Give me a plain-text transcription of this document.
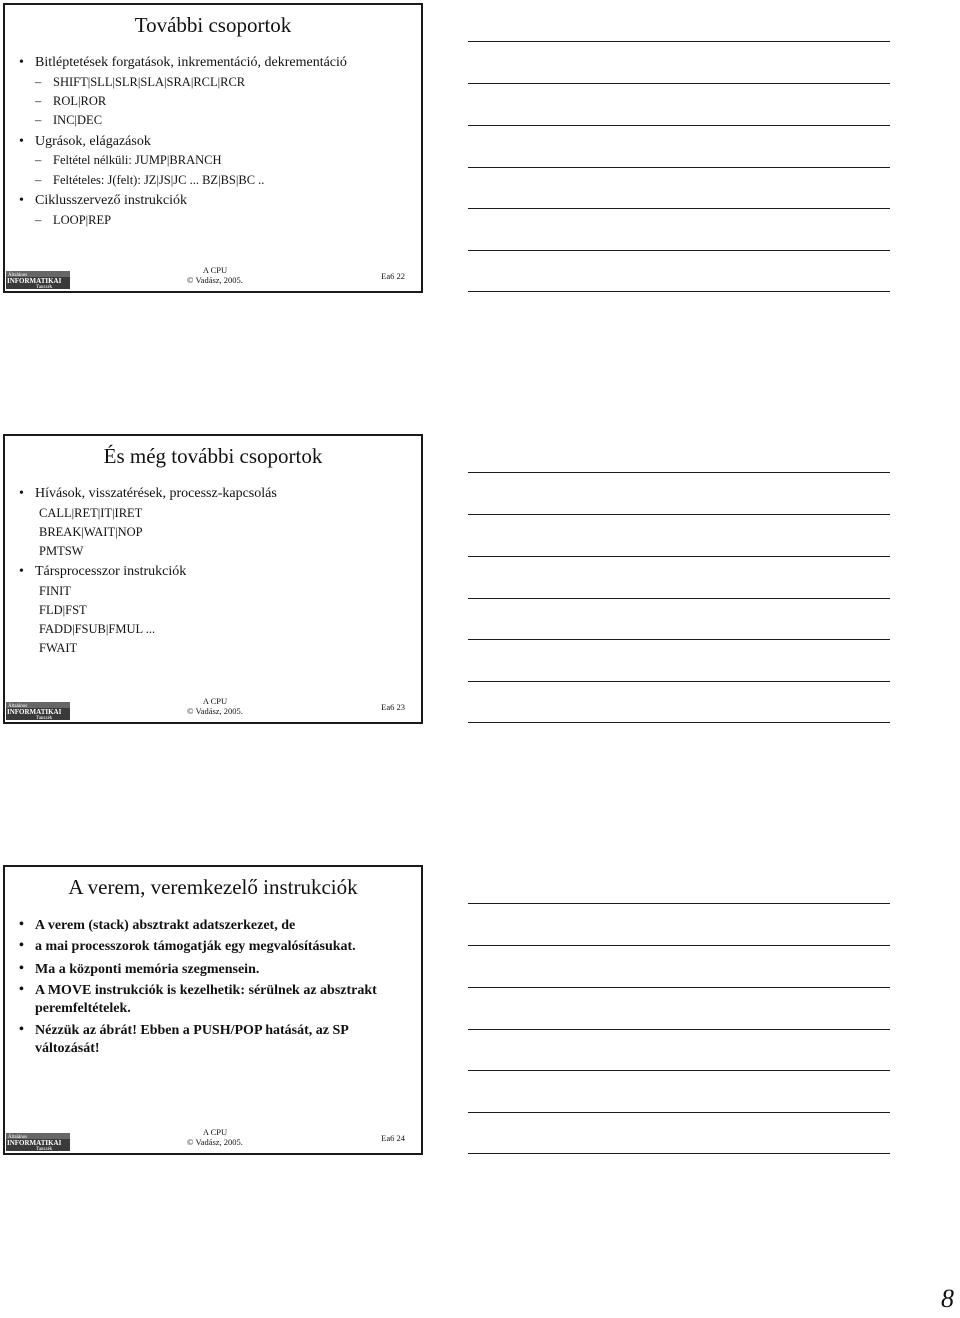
További csoportok
• Bitléptetések forgatások, inkrementáció, dekrementáció
– SHIFT|SLL|SLR|SLA|SRA|RCL|RCR
– ROL|ROR
– INC|DEC
• Ugrások, elágazások
– Feltétel nélküli: JUMP|BRANCH
– Feltételes: J(felt): JZ|JS|JC ... BZ|BS|BC ..
• Ciklusszervező instrukciók
– LOOP|REP
Általános
INFORMATIKAI
Tanszék
A CPU
© Vadász, 2005.	Ea6 22
És még további csoportok
• Hívások, visszatérések, processz-kapcsolás
CALL|RET|IT|IRET
BREAK|WAIT|NOP
PMTSW
• Társprocesszor instrukciók
FINIT
FLD|FST
FADD|FSUB|FMUL ...
FWAIT
Általános
INFORMATIKAI
Tanszék
A CPU
© Vadász, 2005.	Ea6 23
A verem, veremkezelő instrukciók
• A verem (stack) absztrakt adatszerkezet, de
• a mai processzorok támogatják egy megvalósításukat.
• Ma a központi memória szegmensein.
• A MOVE instrukciók is kezelhetik: sérülnek az absztrakt
peremfeltételek.
• Nézzük az ábrát! Ebben a PUSH/POP hatását, az SP
változását!
Általános
INFORMATIKAI
Tanszék
A CPU
© Vadász, 2005.	Ea6 24
8
